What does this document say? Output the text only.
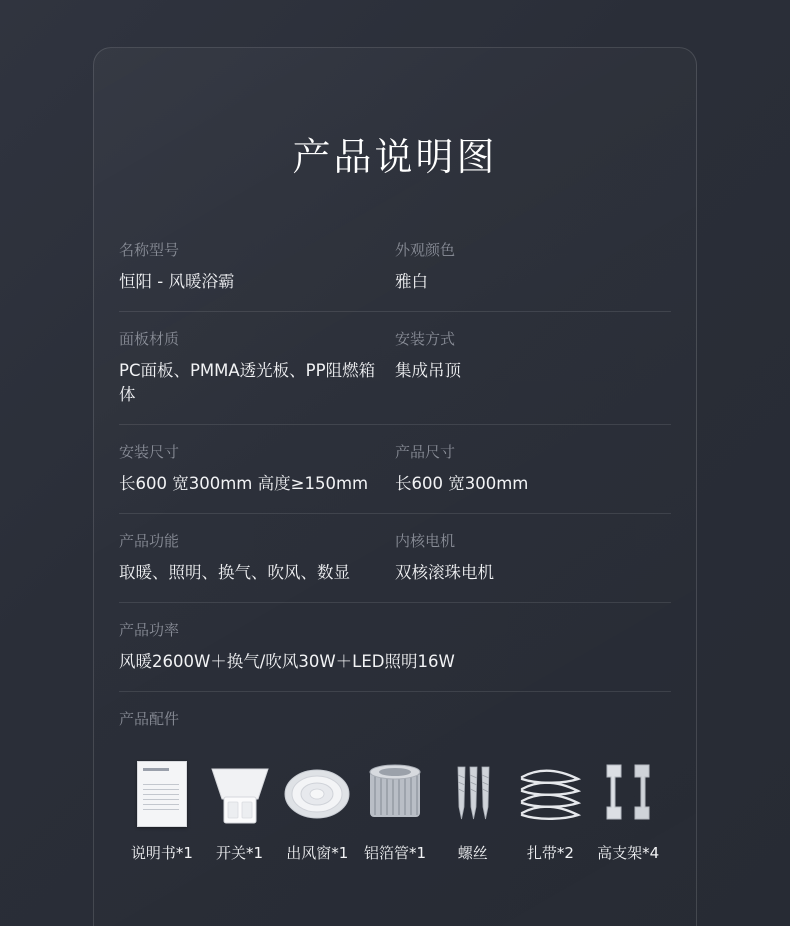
产品说明图
名称型号
恒阳 - 风暖浴霸
外观颜色
雅白
面板材质
PC面板、PMMA透光板、PP阻燃箱体
安装方式
集成吊顶
安装尺寸
长600 宽300mm 高度≥150mm
产品尺寸
长600 宽300mm
产品功能
取暖、照明、换气、吹风、数显
内核电机
双核滚珠电机
产品功率
风暖2600W＋换气/吹风30W＋LED照明16W
产品配件
说明书*1	开关*1	出风窗*1	铝箔管*1	螺丝	扎带*2	高支架*4
